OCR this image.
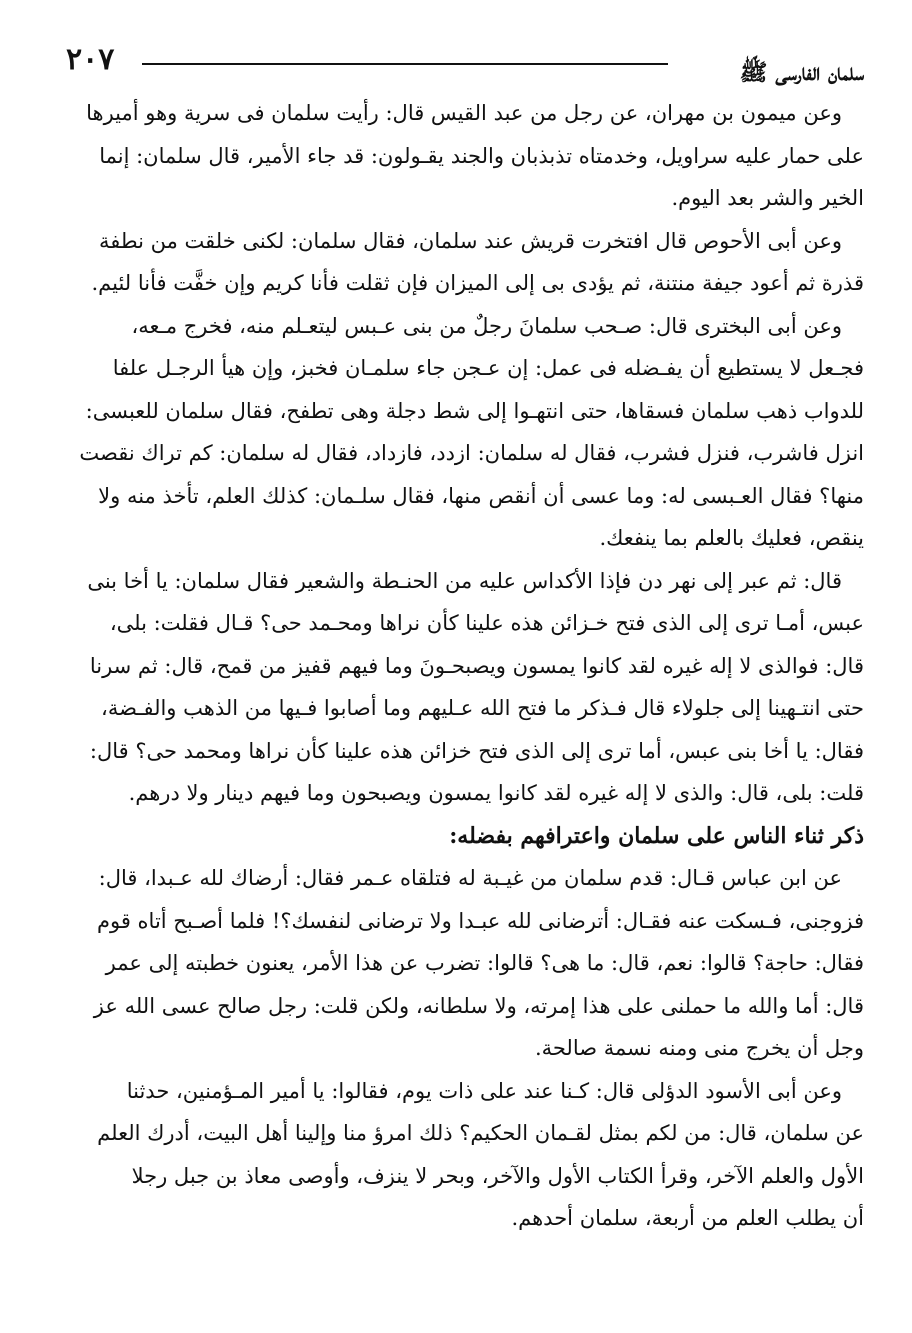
سلمان الفارسى ﷺ
٢٠٧

وعن ميمون بن مهران، عن رجل من عبد القيس قال: رأيت سلمان فى سرية وهو أميرها

على حمار عليه سراويل، وخدمتاه تذبذبان والجند يقـولون: قد جاء الأمير، قال سلمان: إنما

الخير والشر بعد اليوم.

وعن أبى الأحوص قال افتخرت قريش عند سلمان، فقال سلمان: لكنى خلقت من نطفة

قذرة ثم أعود جيفة منتنة، ثم يؤدى بى إلى الميزان فإن ثقلت فأنا كريم وإن خفَّت فأنا لئيم.

وعن أبى البخترى قال: صـحب سلمانَ رجلٌ من بنى عـبس ليتعـلم منه، فخرج مـعه،

فجـعل لا يستطيع أن يفـضله فى عمل: إن عـجن جاء سلمـان فخبز، وإن هيأ الرجـل علفا

للدواب ذهب سلمان فسقاها، حتى انتهـوا إلى شط دجلة وهى تطفح، فقال سلمان للعبسى:

انزل فاشرب، فنزل فشرب، فقال له سلمان: ازدد، فازداد، فقال له سلمان: كم تراك نقصت

منها؟ فقال العـبسى له: وما عسى أن أنقص منها، فقال سلـمان: كذلك العلم، تأخذ منه ولا

ينقص، فعليك بالعلم بما ينفعك.

قال: ثم عبر إلى نهر دن فإذا الأكداس عليه من الحنـطة والشعير فقال سلمان: يا أخا بنى

عبس، أمـا ترى إلى الذى فتح خـزائن هذه علينا كأن نراها ومحـمد حى؟ قـال فقلت: بلى،

قال: فوالذى لا إله غيره لقد كانوا يمسون ويصبحـونَ وما فيهم قفيز من قمح، قال: ثم سرنا

حتى انتـهينا إلى جلولاء قال فـذكر ما فتح الله عـليهم وما أصابوا فـيها من الذهب والفـضة،

فقال: يا أخا بنى عبس، أما ترى إلى الذى فتح خزائن هذه علينا كأن نراها ومحمد حى؟ قال:

قلت: بلى، قال: والذى لا إله غيره لقد كانوا يمسون ويصبحون وما فيهم دينار ولا درهم.

ذكر ثناء الناس على سلمان واعترافهم بفضله:

عن ابن عباس قـال: قدم سلمان من غيـبة له فتلقاه عـمر فقال: أرضاك لله عـبدا، قال:

فزوجنى، فـسكت عنه فقـال: أترضانى لله عبـدا ولا ترضانى لنفسك؟! فلما أصـبح أتاه قوم

فقال: حاجة؟ قالوا: نعم، قال: ما هى؟ قالوا: تضرب عن هذا الأمر، يعنون خطبته إلى عمر

قال: أما والله ما حملنى على هذا إمرته، ولا سلطانه، ولكن قلت: رجل صالح عسى الله عز

وجل أن يخرج منى ومنه نسمة صالحة.

وعن أبى الأسود الدؤلى قال: كـنا عند على ذات يوم، فقالوا: يا أمير المـؤمنين، حدثنا

عن سلمان، قال: من لكم بمثل لقـمان الحكيم؟ ذلك امرؤ منا وإلينا أهل البيت، أدرك العلم

الأول والعلم الآخر، وقرأ الكتاب الأول والآخر، وبحر لا ينزف، وأوصى معاذ بن جبل رجلا

أن يطلب العلم من أربعة، سلمان أحدهم.
